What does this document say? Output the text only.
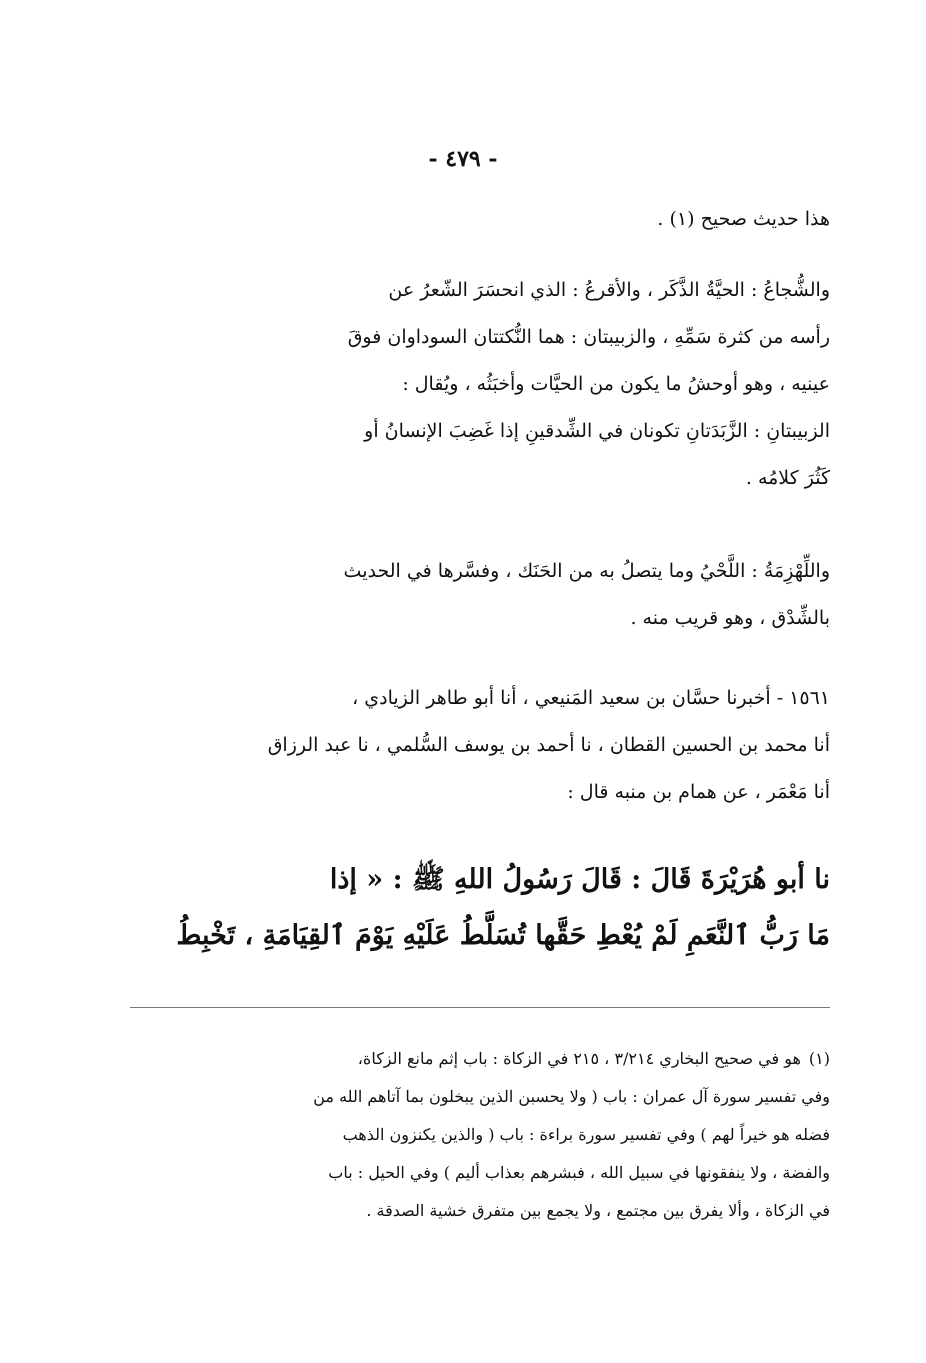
- ٤٧٩ -
هذا حديث صحيح (١) .
والشُّجاعُ : الحيَّةُ الذَّكَر ، والأقرعُ : الذي انحسَرَ الشّعرُ عن
رأسه من كثرة سَمِّهِ ، والزبيبتان : هما النُّكتتان السوداوان فوقَ
عينيه ، وهو أوحشُ ما يكون من الحيَّات وأخبَثُه ، ويُقال :
الزبيبتانِ : الزَّبَدَتانِ تكونان في الشِّدقينِ إذا غَضِبَ الإنسانُ أو
كَثُرَ كلامُه .
واللِّهْزِمَةُ : اللَّحْيُ وما يتصلُ به من الحَنَك ، وفسَّرها في الحديث
بالشِّدْق ، وهو قريب منه .
١٥٦١ - أخبرنا حسَّان بن سعيد المَنيعي ، أنا أبو طاهر الزيادي ،
أنا محمد بن الحسين القطان ، نا أحمد بن يوسف السُّلمي ، نا عبد الرزاق
أنا مَعْمَر ، عن همام بن منبه قال :
نا أبو هُرَيْرَةَ قَالَ : قَالَ رَسُولُ اللهِ ﷺ : « إذا
مَا رَبُّ ٱلنَّعَمِ لَمْ يُعْطِ حَقَّها تُسَلَّطُ عَلَيْهِ يَوْمَ ٱلقِيَامَةِ ، تَخْبِطُ
(١)هو في صحيح البخاري ٣/٢١٤ ، ٢١٥ في الزكاة : باب إثم مانع الزكاة،
وفي تفسير سورة آل عمران : باب ( ولا يحسبن الذين يبخلون بما آتاهم الله من
فضله هو خيراً لهم ) وفي تفسير سورة براءة : باب ( والذين يكنزون الذهب
والفضة ، ولا ينفقونها في سبيل الله ، فبشرهم بعذاب أليم ) وفي الحيل : باب
في الزكاة ، وألا يفرق بين مجتمع ، ولا يجمع بين متفرق خشية الصدقة .
